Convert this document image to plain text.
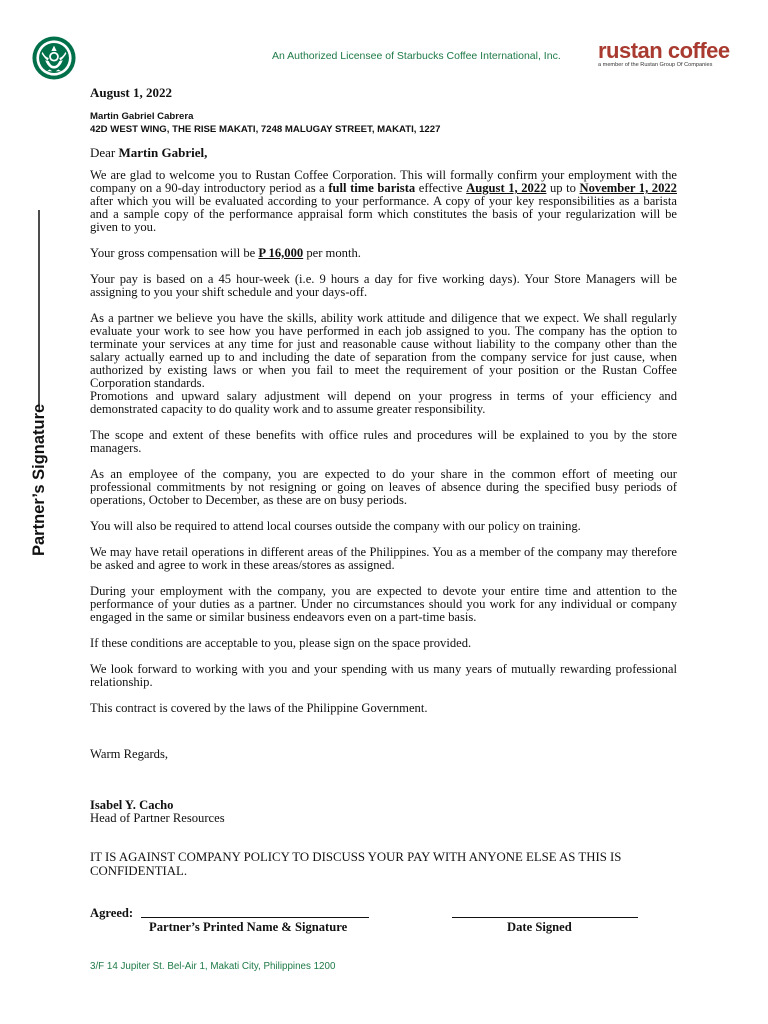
An Authorized Licensee of Starbucks Coffee International, Inc. rustan coffee
a member of the Rustan Group Of Companies
Partner’s Signature
August 1, 2022
Martin Gabriel Cabrera
42D WEST WING, THE RISE MAKATI, 7248 MALUGAY STREET, MAKATI, 1227
Dear Martin Gabriel,

We are glad to welcome you to Rustan Coffee Corporation. This will formally confirm your employment with the company on a 90-day introductory period as a full time barista effective August 1, 2022 up to November 1, 2022 after which you will be evaluated according to your performance. A copy of your key responsibilities as a barista and a sample copy of the performance appraisal form which constitutes the basis of your regularization will be given to you.

Your gross compensation will be P 16,000 per month.

Your pay is based on a 45 hour-week (i.e. 9 hours a day for five working days). Your Store Managers will be assigning to you your shift schedule and your days-off.

As a partner we believe you have the skills, ability work attitude and diligence that we expect. We shall regularly evaluate your work to see how you have performed in each job assigned to you. The company has the option to terminate your services at any time for just and reasonable cause without liability to the company other than the salary actually earned up to and including the date of separation from the company service for just cause, when authorized by existing laws or when you fail to meet the requirement of your position or the Rustan Coffee Corporation standards.

Promotions and upward salary adjustment will depend on your progress in terms of your efficiency and demonstrated capacity to do quality work and to assume greater responsibility.

The scope and extent of these benefits with office rules and procedures will be explained to you by the store managers.

As an employee of the company, you are expected to do your share in the common effort of meeting our professional commitments by not resigning or going on leaves of absence during the specified busy periods of operations, October to December, as these are on busy periods.

You will also be required to attend local courses outside the company with our policy on training.

We may have retail operations in different areas of the Philippines. You as a member of the company may therefore be asked and agree to work in these areas/stores as assigned.

During your employment with the company, you are expected to devote your entire time and attention to the performance of your duties as a partner. Under no circumstances should you work for any individual or company engaged in the same or similar business endeavors even on a part-time basis.

If these conditions are acceptable to you, please sign on the space provided.

We look forward to working with you and your spending with us many years of mutually rewarding professional relationship.

This contract is covered by the laws of the Philippine Government.

Warm Regards,
Isabel Y. Cacho
Head of Partner Resources
IT IS AGAINST COMPANY POLICY TO DISCUSS YOUR PAY WITH ANYONE ELSE AS THIS IS CONFIDENTIAL.
Agreed:
Partner’s Printed Name & Signature	Date Signed
3/F 14 Jupiter St. Bel-Air 1, Makati City, Philippines 1200
